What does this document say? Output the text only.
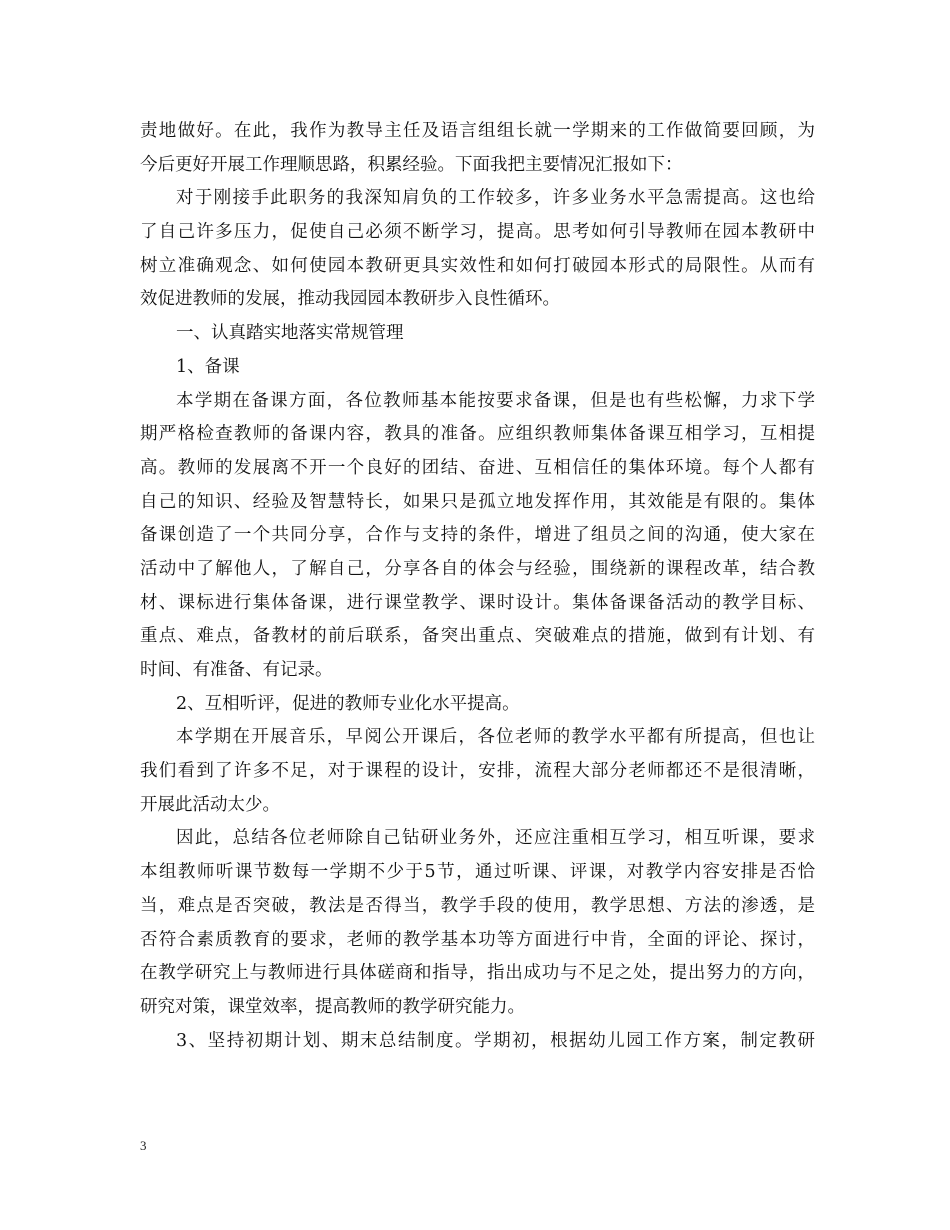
责地做好。在此，我作为教导主任及语言组组长就一学期来的工作做简要回顾，为
今后更好开展工作理顺思路，积累经验。下面我把主要情况汇报如下：
对于刚接手此职务的我深知肩负的工作较多，许多业务水平急需提高。这也给
了自己许多压力，促使自己必须不断学习，提高。思考如何引导教师在园本教研中
树立准确观念、如何使园本教研更具实效性和如何打破园本形式的局限性。从而有
效促进教师的发展，推动我园园本教研步入良性循环。
一、认真踏实地落实常规管理
1、备课
本学期在备课方面，各位教师基本能按要求备课，但是也有些松懈，力求下学
期严格检查教师的备课内容，教具的准备。应组织教师集体备课互相学习，互相提
高。教师的发展离不开一个良好的团结、奋进、互相信任的集体环境。每个人都有
自己的知识、经验及智慧特长，如果只是孤立地发挥作用，其效能是有限的。集体
备课创造了一个共同分享，合作与支持的条件，增进了组员之间的沟通，使大家在
活动中了解他人，了解自己，分享各自的体会与经验，围绕新的课程改革，结合教
材、课标进行集体备课，进行课堂教学、课时设计。集体备课备活动的教学目标、
重点、难点，备教材的前后联系，备突出重点、突破难点的措施，做到有计划、有
时间、有准备、有记录。
2、互相听评，促进的教师专业化水平提高。
本学期在开展音乐，早阅公开课后，各位老师的教学水平都有所提高，但也让
我们看到了许多不足，对于课程的设计，安排，流程大部分老师都还不是很清晰，
开展此活动太少。
因此，总结各位老师除自己钻研业务外，还应注重相互学习，相互听课，要求
本组教师听课节数每一学期不少于5节，通过听课、评课，对教学内容安排是否恰
当，难点是否突破，教法是否得当，教学手段的使用，教学思想、方法的渗透，是
否符合素质教育的要求，老师的教学基本功等方面进行中肯，全面的评论、探讨，
在教学研究上与教师进行具体磋商和指导，指出成功与不足之处，提出努力的方向，
研究对策，课堂效率，提高教师的教学研究能力。
3、坚持初期计划、期末总结制度。学期初，根据幼儿园工作方案，制定教研
3
